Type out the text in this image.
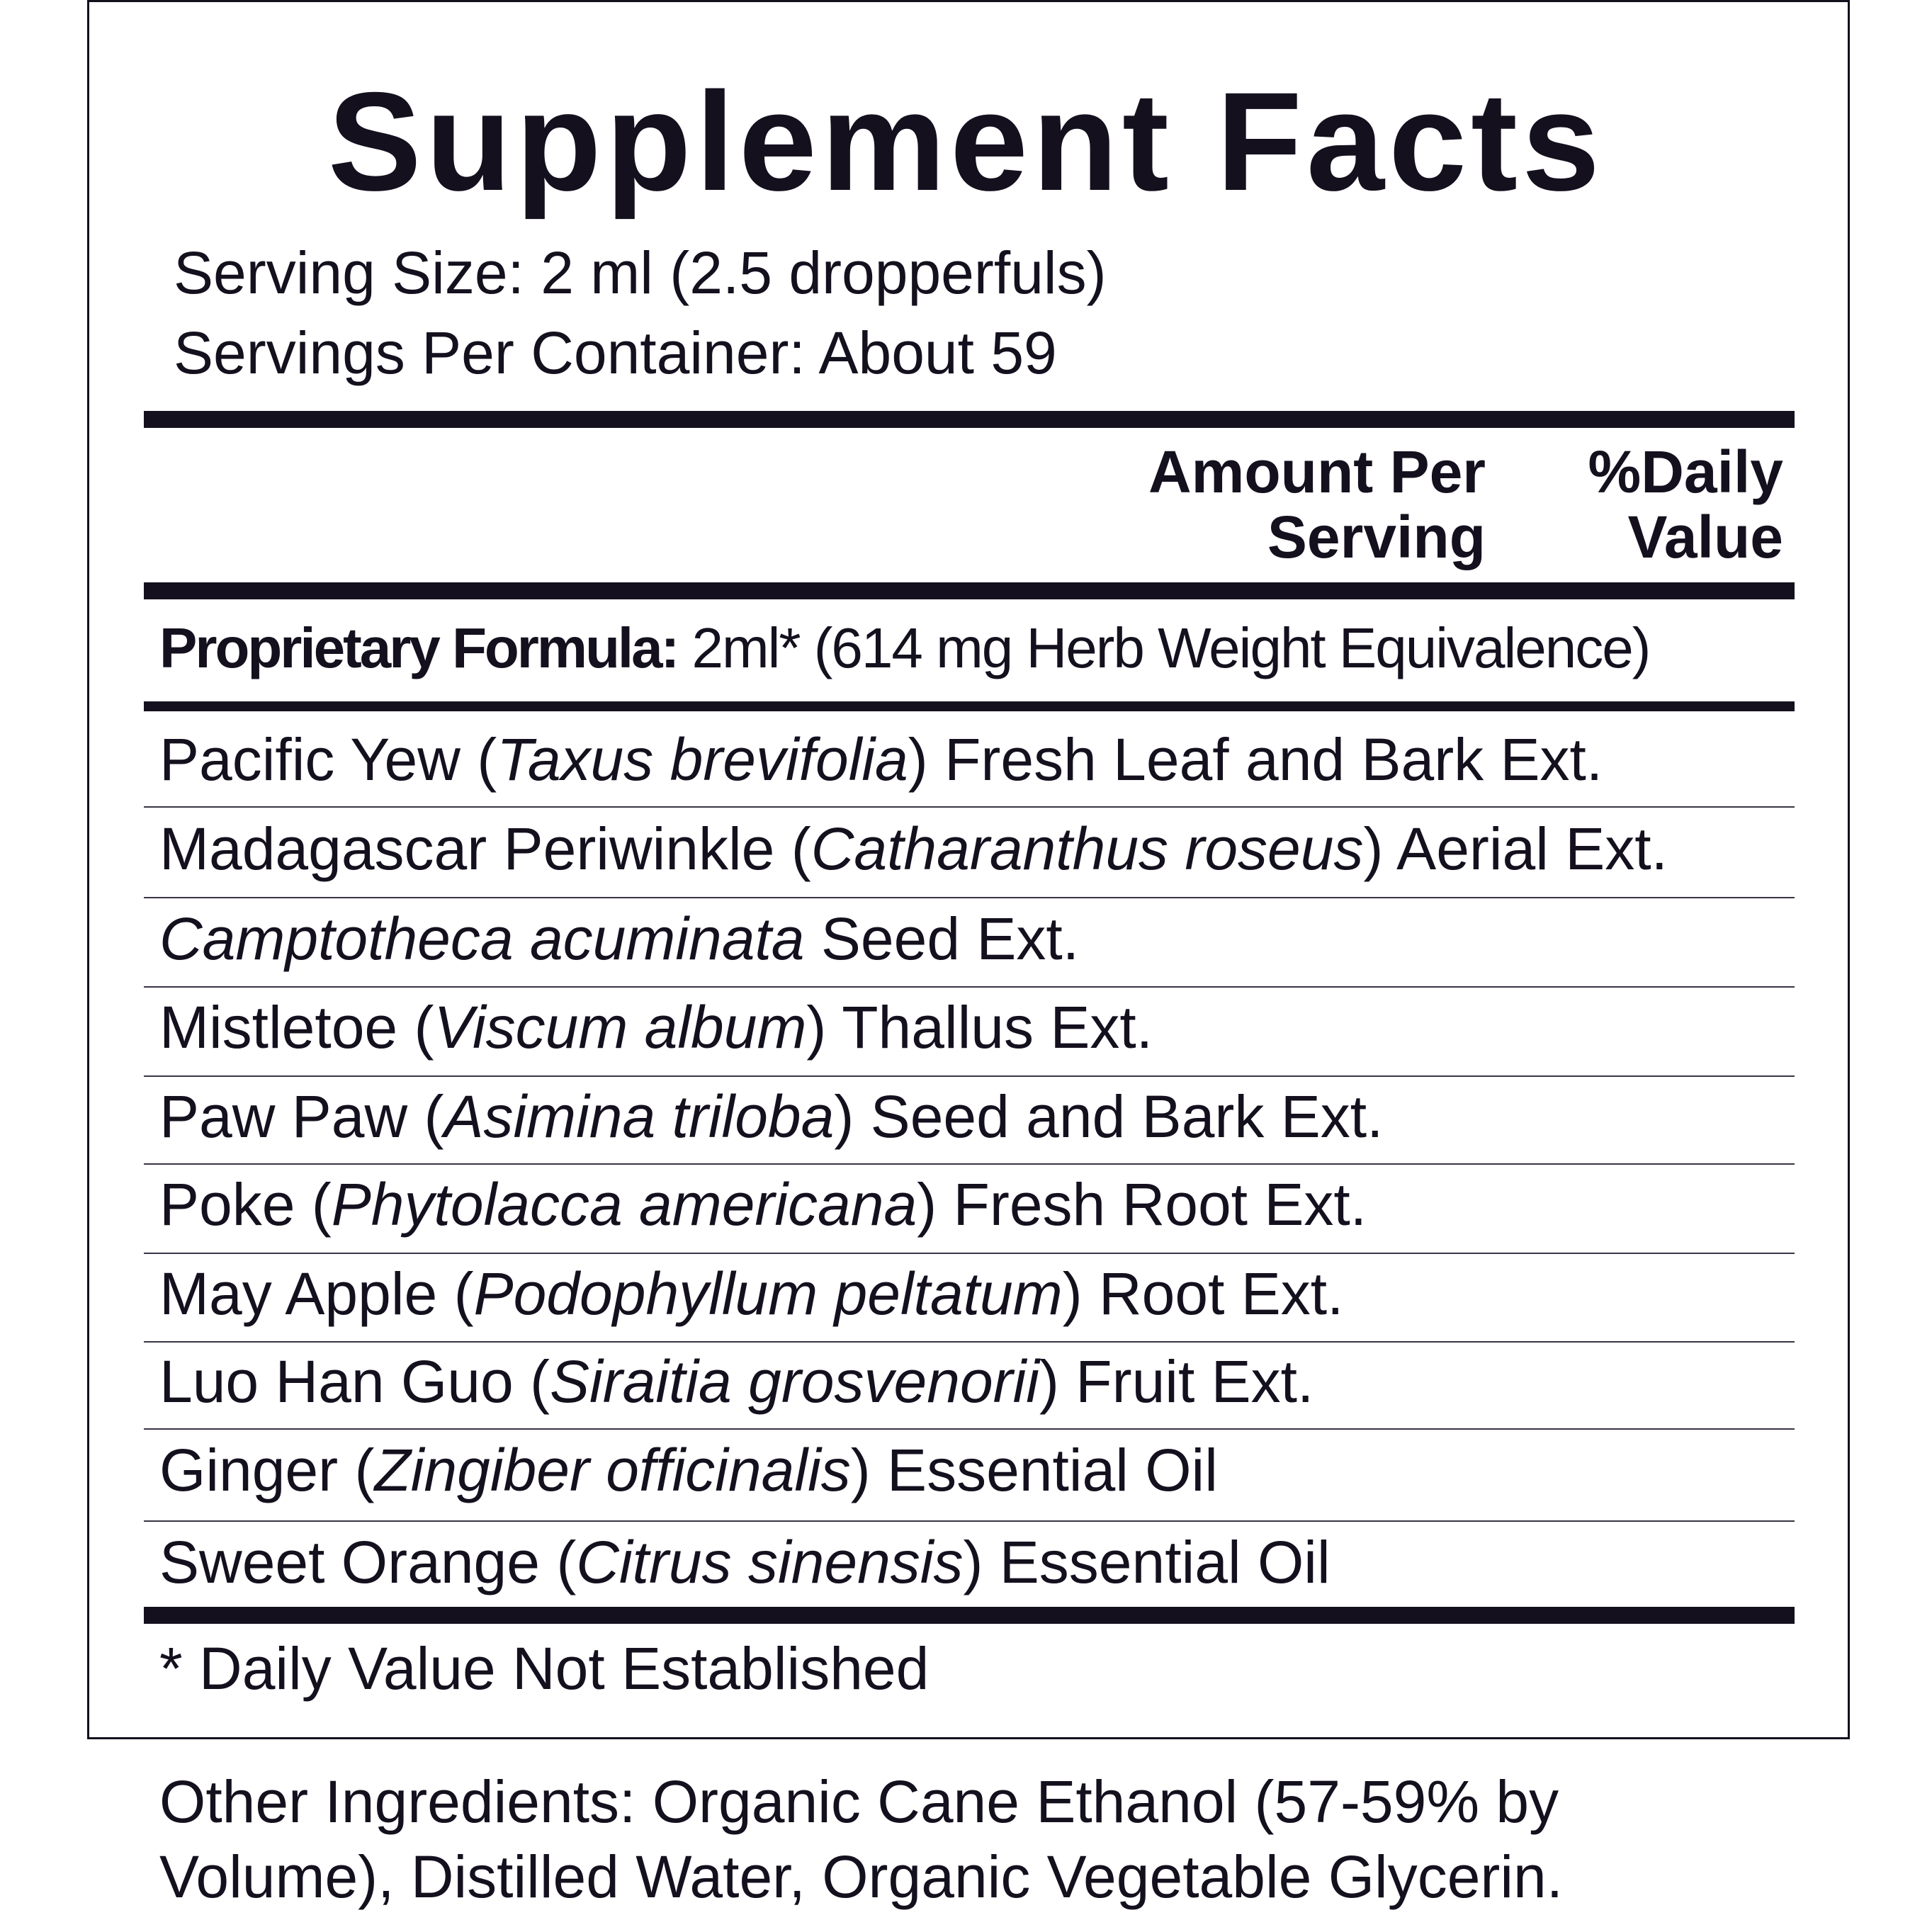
Supplement Facts
Serving Size: 2 ml (2.5 dropperfuls)
Servings Per Container: About 59
Amount Per
Serving
%Daily
Value
Proprietary Formula: 2ml* (614 mg Herb Weight Equivalence)
Pacific Yew (Taxus brevifolia) Fresh Leaf and Bark Ext.
Madagascar Periwinkle (Catharanthus roseus) Aerial Ext.
Camptotheca acuminata Seed Ext.
Mistletoe (Viscum album) Thallus Ext.
Paw Paw (Asimina triloba) Seed and Bark Ext.
Poke (Phytolacca americana) Fresh Root Ext.
May Apple (Podophyllum peltatum) Root Ext.
Luo Han Guo (Siraitia grosvenorii) Fruit Ext.
Ginger (Zingiber officinalis) Essential Oil
Sweet Orange (Citrus sinensis) Essential Oil
* Daily Value Not Established
Other Ingredients: Organic Cane Ethanol (57-59% by Volume), Distilled Water, Organic Vegetable Glycerin.
